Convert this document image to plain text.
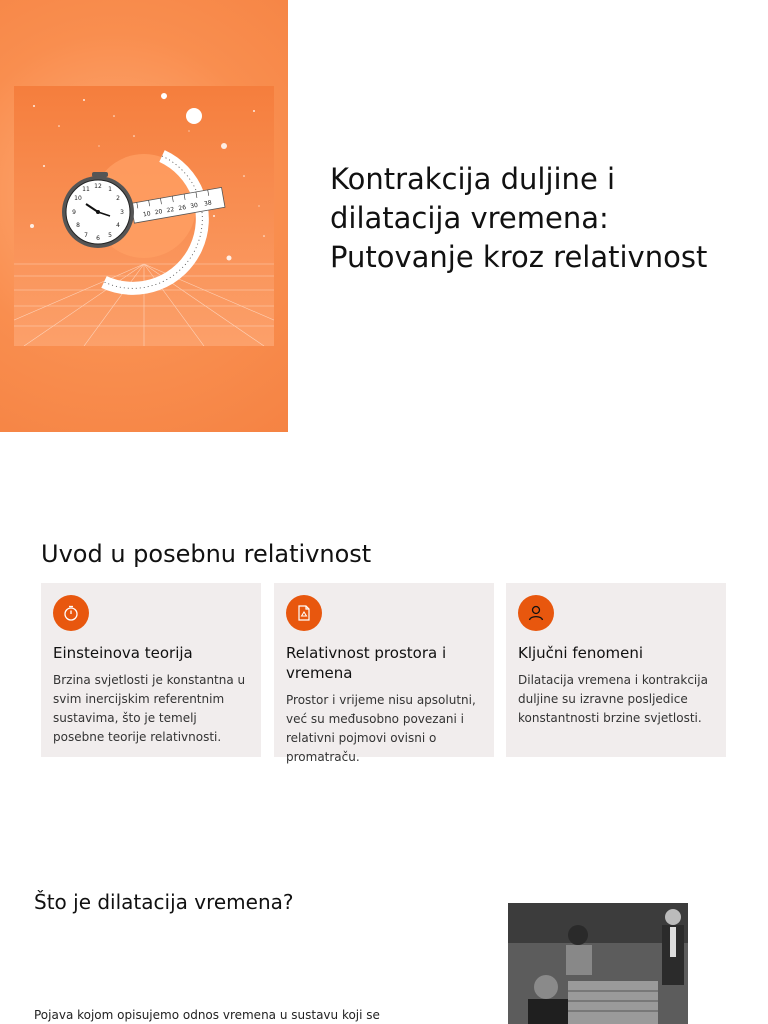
10 20 22 26 30 38
12 1
2
3
4
5
6
7
8
9
10
11	Kontrakcija duljine i dilatacija vremena: Putovanje kroz relativnost
Uvod u posebnu relativnost
Einsteinova teorija
Brzina svjetlosti je konstantna u svim inercijskim referentnim sustavima, što je temelj posebne teorije relativnosti.
Relativnost prostora i vremena
Prostor i vrijeme nisu apsolutni, već su međusobno povezani i relativni pojmovi ovisni o promatraču.
Ključni fenomeni
Dilatacija vremena i kontrakcija duljine su izravne posljedice konstantnosti brzine svjetlosti.
Što je dilatacija vremena?
Pojava kojom opisujemo odnos vremena u sustavu koji se
